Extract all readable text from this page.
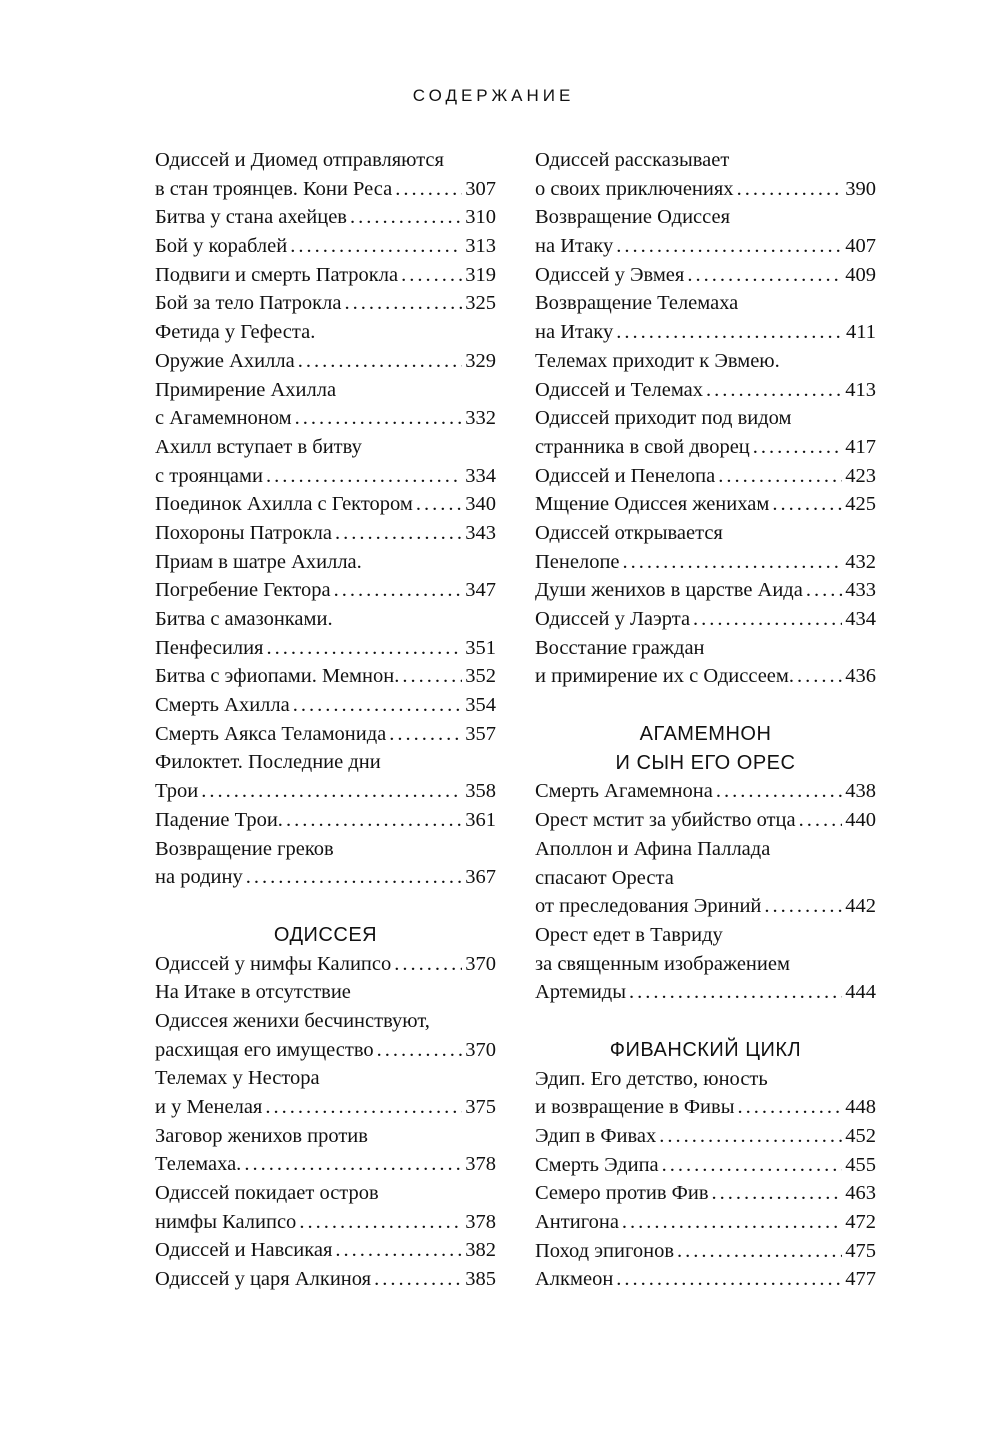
СОДЕРЖАНИЕ
Одиссей и Диомед отправляются
в стан троянцев. Кони Реса .....	307
Битва у стана ахейцев .....	310
Бой у кораблей .....	313
Подвиги и смерть Патрокла .....	319
Бой за тело Патрокла .....	325
Фетида у Гефеста.
Оружие Ахилла .....	329
Примирение Ахилла
с Агамемноном .....	332
Ахилл вступает в битву
с троянцами .....	334
Поединок Ахилла с Гектором .....	340
Похороны Патрокла .....	343
Приам в шатре Ахилла.
Погребение Гектора .....	347
Битва с амазонками.
Пенфесилия .....	351
Битва с эфиопами. Мемнон. .....	352
Смерть Ахилла .....	354
Смерть Аякса Теламонида .....	357
Филоктет. Последние дни
Трои .....	358
Падение Трои. .....	361
Возвращение греков
на родину .....	367
ОДИССЕЯ
Одиссей у нимфы Калипсо .....	370
На Итаке в отсутствие
Одиссея женихи бесчинствуют,
расхищая его имущество .....	370
Телемах у Нестора
и у Менелая .....	375
Заговор женихов против
Телемаха. .....	378
Одиссей покидает остров
нимфы Калипсо .....	378
Одиссей и Навсикая .....	382
Одиссей у царя Алкиноя .....	385
Одиссей рассказывает
о своих приключениях .....	390
Возвращение Одиссея
на Итаку .....	407
Одиссей у Эвмея .....	409
Возвращение Телемаха
на Итаку .....	411
Телемах приходит к Эвмею.
Одиссей и Телемах .....	413
Одиссей приходит под видом
странника в свой дворец .....	417
Одиссей и Пенелопа .....	423
Мщение Одиссея женихам .....	425
Одиссей открывается
Пенелопе .....	432
Души женихов в царстве Аида ..... 433
Одиссей у Лаэрта .....	434
Восстание граждан
и примирение их с Одиссеем. .....	436
АГАМЕМНОН
И СЫН ЕГО ОРЕС
Смерть Агамемнона .....	438
Орест мстит за убийство отца ..... 440
Аполлон и Афина Паллада
спасают Ореста
от преследования Эриний .....	442
Орест едет в Тавриду
за священным изображением
Артемиды .....	444
ФИВАНСКИЙ ЦИКЛ
Эдип. Его детство, юность
и возвращение в Фивы .....	448
Эдип в Фивах .....	452
Смерть Эдипа .....	455
Семеро против Фив .....	463
Антигона .....	472
Поход эпигонов .....	475
Алкмеон .....	477
